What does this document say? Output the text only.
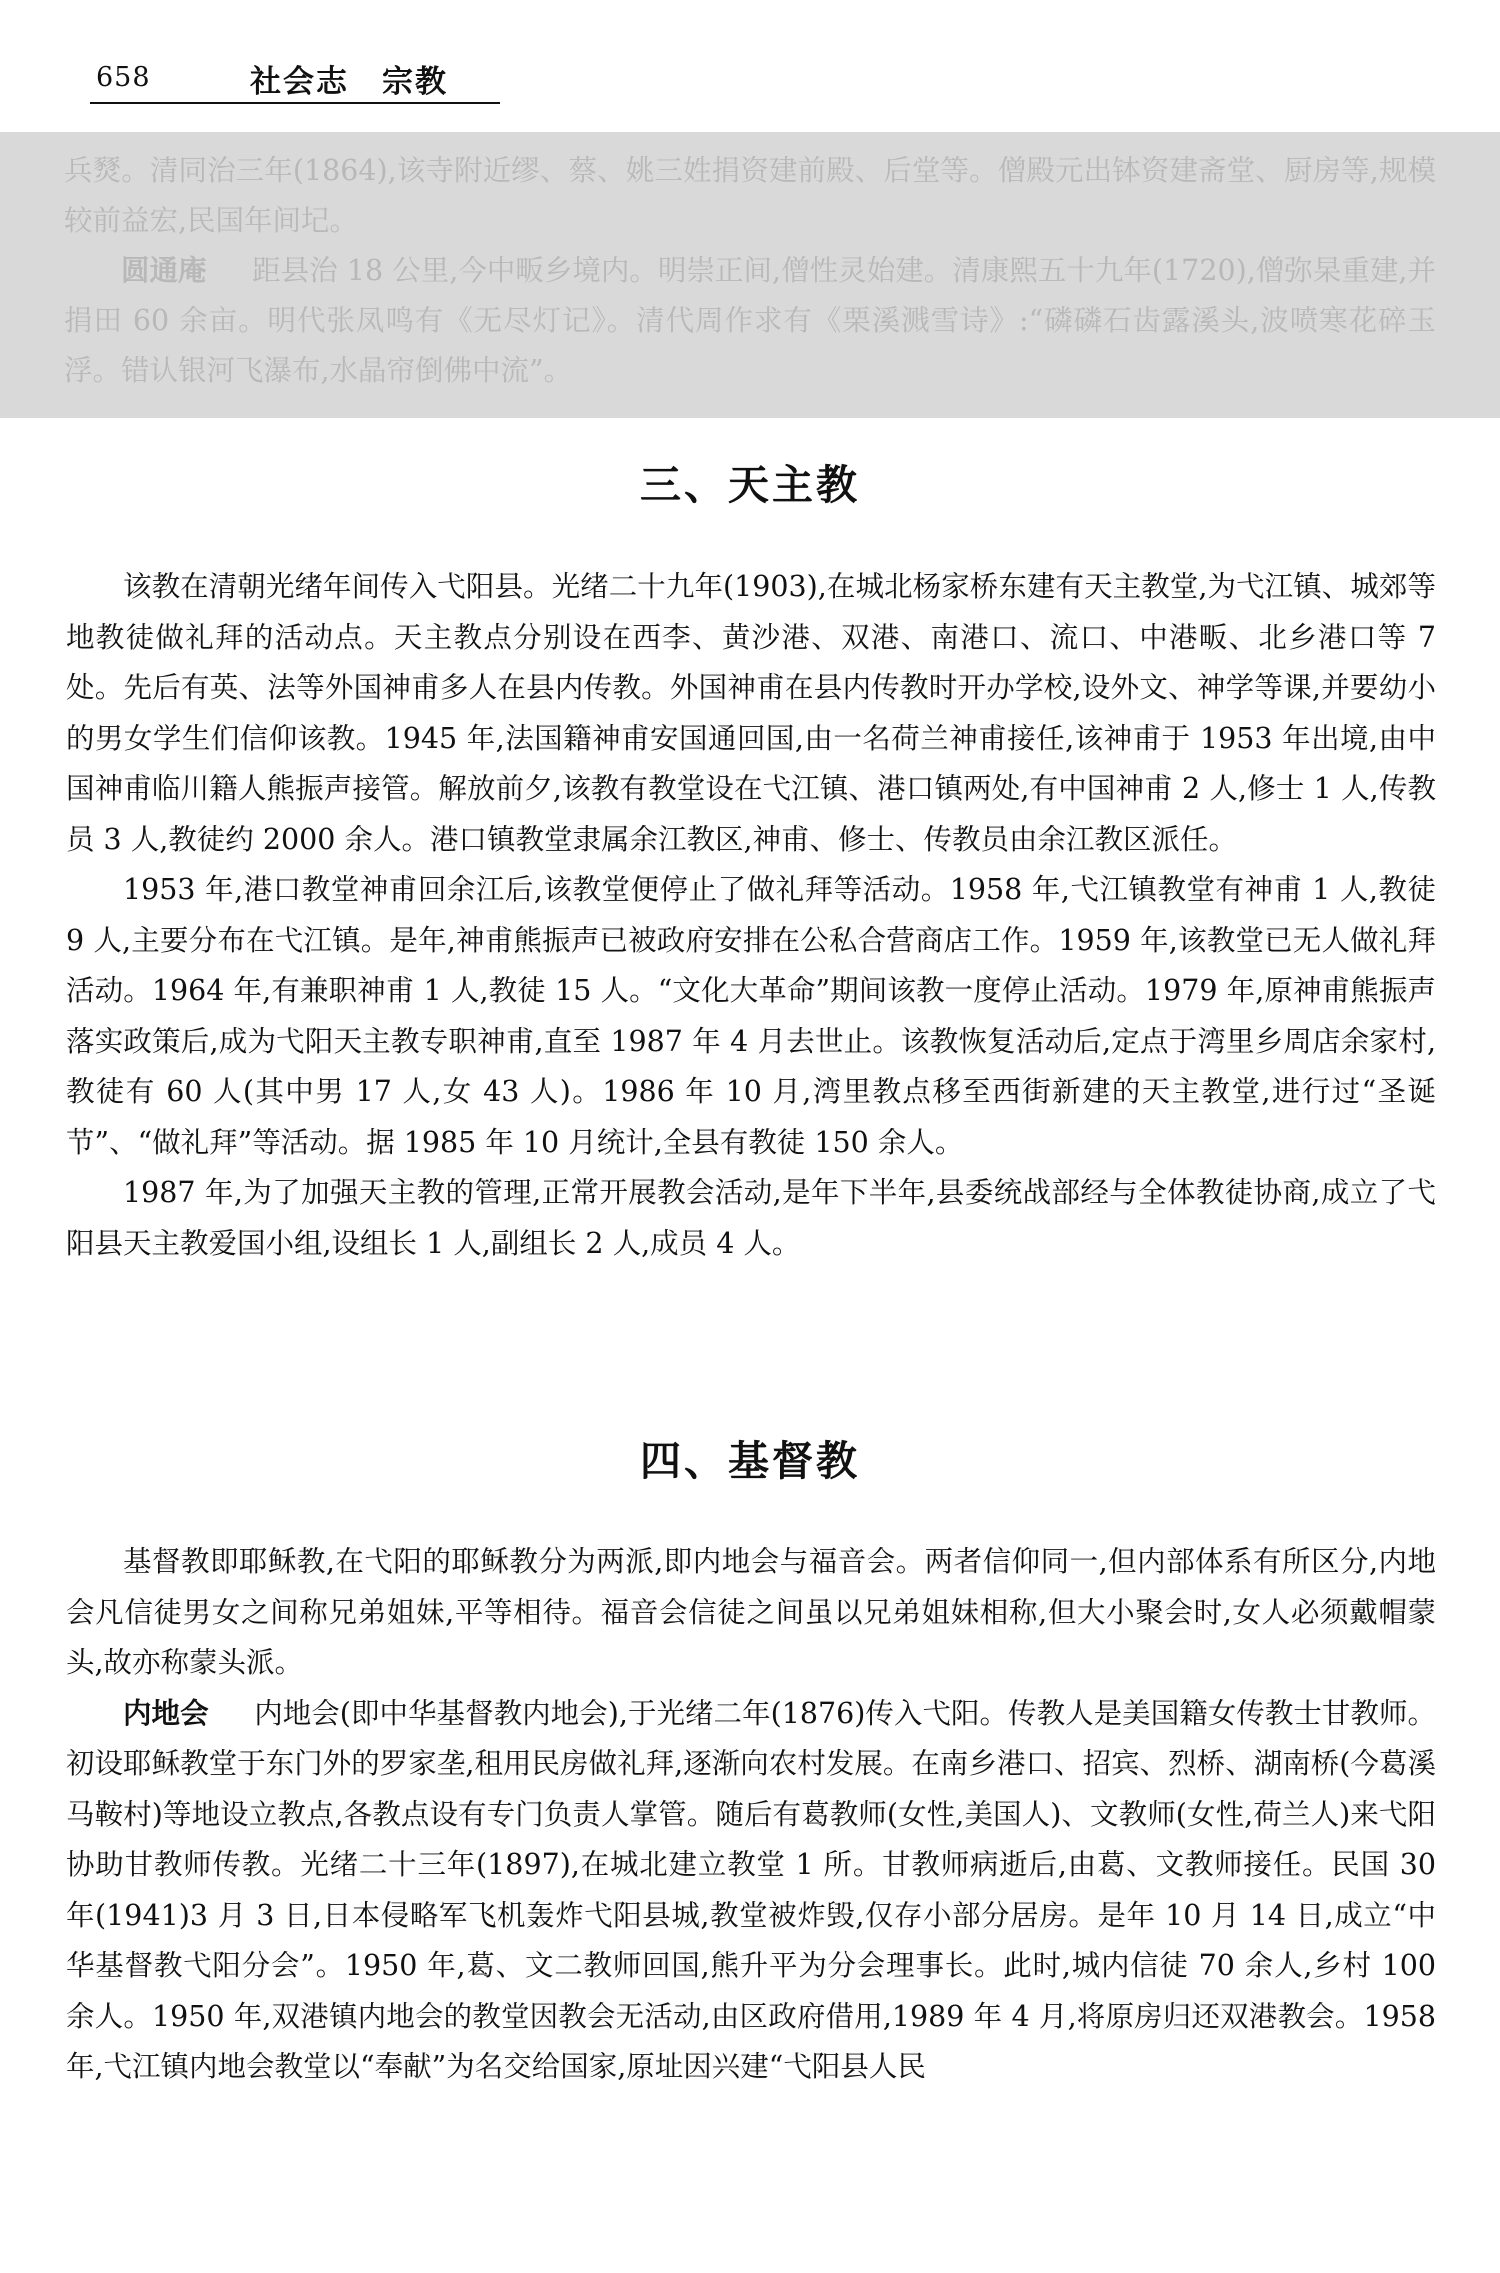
658	社会志　宗教

兵燹。清同治三年(1864),该寺附近缪、蔡、姚三姓捐资建前殿、后堂等。僧殿元出钵资建斋堂、厨房等,规模较前益宏,民国年间圮。

圆通庵 距县治 18 公里,今中畈乡境内。明崇正间,僧性灵始建。清康熙五十九年(1720),僧弥杲重建,并捐田 60 余亩。明代张凤鸣有《无尽灯记》。清代周作求有《栗溪溅雪诗》:“磷磷石齿露溪头,波喷寒花碎玉浮。错认银河飞瀑布,水晶帘倒佛中流”。

三、天主教

该教在清朝光绪年间传入弋阳县。光绪二十九年(1903),在城北杨家桥东建有天主教堂,为弋江镇、城郊等地教徒做礼拜的活动点。天主教点分别设在西李、黄沙港、双港、南港口、流口、中港畈、北乡港口等 7 处。先后有英、法等外国神甫多人在县内传教。外国神甫在县内传教时开办学校,设外文、神学等课,并要幼小的男女学生们信仰该教。1945 年,法国籍神甫安国通回国,由一名荷兰神甫接任,该神甫于 1953 年出境,由中国神甫临川籍人熊振声接管。解放前夕,该教有教堂设在弋江镇、港口镇两处,有中国神甫 2 人,修士 1 人,传教员 3 人,教徒约 2000 余人。港口镇教堂隶属余江教区,神甫、修士、传教员由余江教区派任。

1953 年,港口教堂神甫回余江后,该教堂便停止了做礼拜等活动。1958 年,弋江镇教堂有神甫 1 人,教徒 9 人,主要分布在弋江镇。是年,神甫熊振声已被政府安排在公私合营商店工作。1959 年,该教堂已无人做礼拜活动。1964 年,有兼职神甫 1 人,教徒 15 人。“文化大革命”期间该教一度停止活动。1979 年,原神甫熊振声落实政策后,成为弋阳天主教专职神甫,直至 1987 年 4 月去世止。该教恢复活动后,定点于湾里乡周店余家村,教徒有 60 人(其中男 17 人,女 43 人)。1986 年 10 月,湾里教点移至西街新建的天主教堂,进行过“圣诞节”、“做礼拜”等活动。据 1985 年 10 月统计,全县有教徒 150 余人。

1987 年,为了加强天主教的管理,正常开展教会活动,是年下半年,县委统战部经与全体教徒协商,成立了弋阳县天主教爱国小组,设组长 1 人,副组长 2 人,成员 4 人。

四、基督教

基督教即耶稣教,在弋阳的耶稣教分为两派,即内地会与福音会。两者信仰同一,但内部体系有所区分,内地会凡信徒男女之间称兄弟姐妹,平等相待。福音会信徒之间虽以兄弟姐妹相称,但大小聚会时,女人必须戴帽蒙头,故亦称蒙头派。

内地会 内地会(即中华基督教内地会),于光绪二年(1876)传入弋阳。传教人是美国籍女传教士甘教师。初设耶稣教堂于东门外的罗家垄,租用民房做礼拜,逐渐向农村发展。在南乡港口、招宾、烈桥、湖南桥(今葛溪马鞍村)等地设立教点,各教点设有专门负责人掌管。随后有葛教师(女性,美国人)、文教师(女性,荷兰人)来弋阳协助甘教师传教。光绪二十三年(1897),在城北建立教堂 1 所。甘教师病逝后,由葛、文教师接任。民国 30 年(1941)3 月 3 日,日本侵略军飞机轰炸弋阳县城,教堂被炸毁,仅存小部分居房。是年 10 月 14 日,成立“中华基督教弋阳分会”。1950 年,葛、文二教师回国,熊升平为分会理事长。此时,城内信徒 70 余人,乡村 100 余人。1950 年,双港镇内地会的教堂因教会无活动,由区政府借用,1989 年 4 月,将原房归还双港教会。1958 年,弋江镇内地会教堂以“奉献”为名交给国家,原址因兴建“弋阳县人民
